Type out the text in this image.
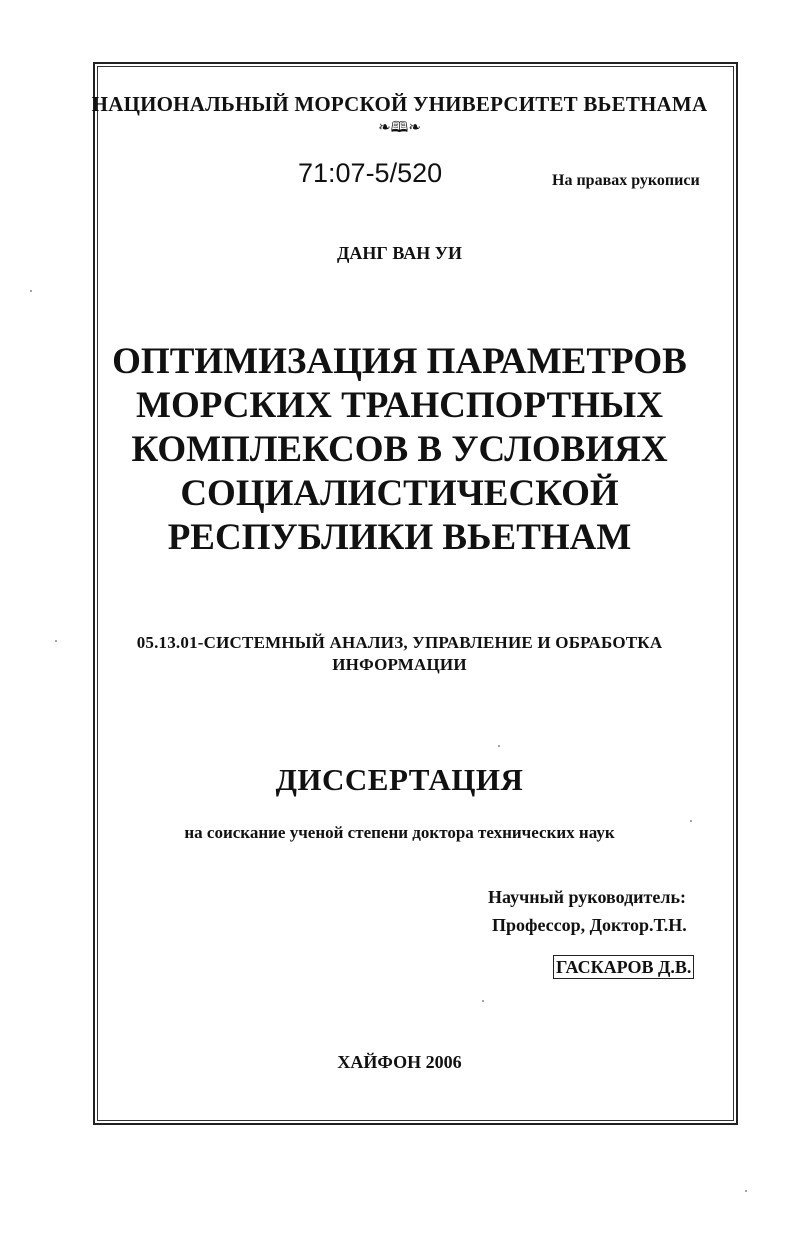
НАЦИОНАЛЬНЫЙ МОРСКОЙ УНИВЕРСИТЕТ ВЬЕТНАМА
❧🕮❧
71:07-5/520	На правах рукописи
ДАНГ ВАН УИ
ОПТИМИЗАЦИЯ ПАРАМЕТРОВ
МОРСКИХ ТРАНСПОРТНЫХ
КОМПЛЕКСОВ В УСЛОВИЯХ
СОЦИАЛИСТИЧЕСКОЙ
РЕСПУБЛИКИ ВЬЕТНАМ
05.13.01-СИСТЕМНЫЙ АНАЛИЗ, УПРАВЛЕНИЕ И ОБРАБОТКА
ИНФОРМАЦИИ
ДИССЕРТАЦИЯ
на соискание ученой степени доктора технических наук
Научный руководитель:
Профессор, Доктор.Т.Н.
ГАСКАРОВ Д.В.
ХАЙФОН 2006
